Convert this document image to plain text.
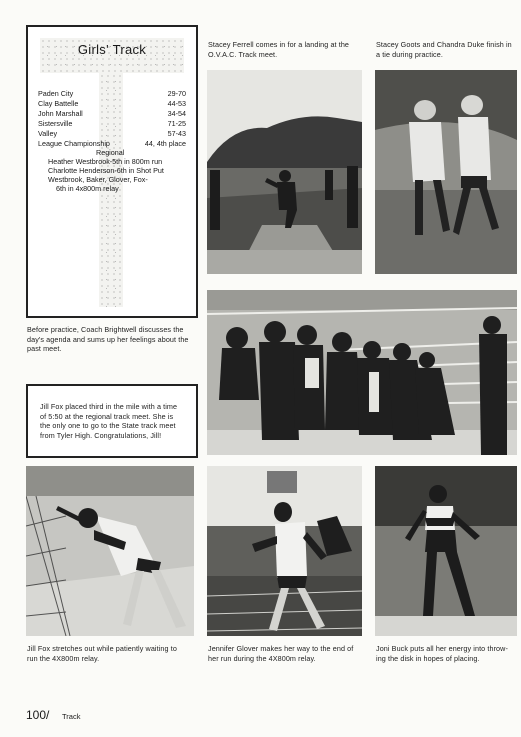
Girls' Track
Paden City	29-70
Clay Battelle	44-53
John Marshall	34-54
Sistersville	71-25
Valley	57-43
League Championship	44, 4th place
Regional
Heather Westbrook-5th in 800m run
Charlotte Henderson-6th in Shot Put
Westbrook, Baker, Glover, Fox-
6th in 4x800m relay
Stacey Ferrell comes in for a landing at the
O.V.A.C. Track meet.
Stacey Goots and Chandra Duke finish in
a tie during practice.
Before practice, Coach Brightwell discusses the
day's agenda and sums up her feelings about the
past meet.
Jill Fox placed third in the mile with a time
of 5:50 at the regional track meet. She is
the only one to go to the State track meet
from Tyler High. Congratulations, Jill!
Jill Fox stretches out while patiently waiting to
run the 4X800m relay.
Jennifer Glover makes her way to the end of
her run during the 4X800m relay.
Joni Buck puts all her energy into throw-
ing the disk in hopes of placing.
100/ Track
